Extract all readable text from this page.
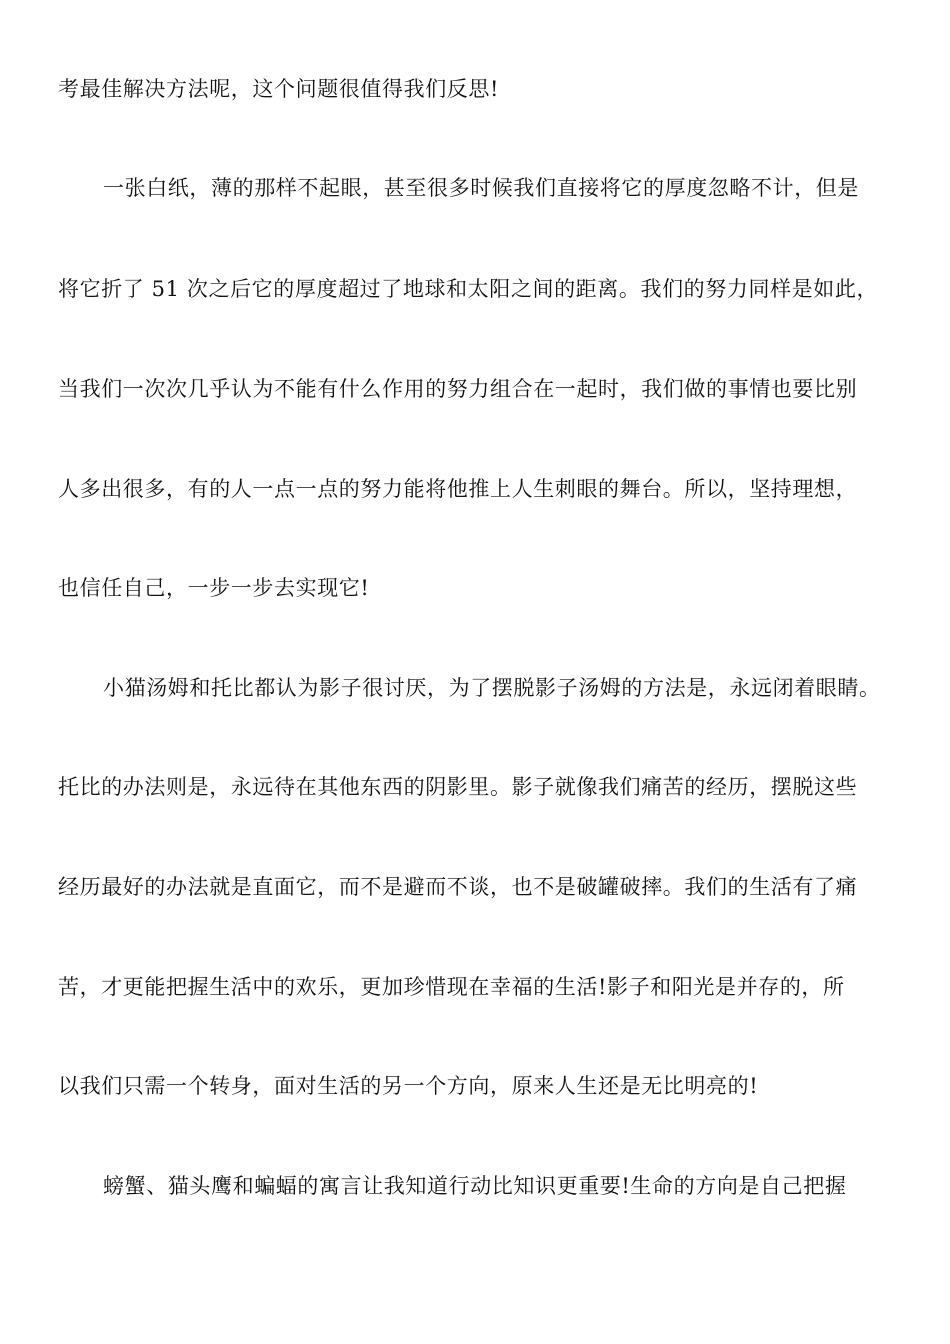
考最佳解决方法呢，这个问题很值得我们反思!
一张白纸，薄的那样不起眼，甚至很多时候我们直接将它的厚度忽略不计，但是
将它折了 51 次之后它的厚度超过了地球和太阳之间的距离。我们的努力同样是如此，
当我们一次次几乎认为不能有什么作用的努力组合在一起时，我们做的事情也要比别
人多出很多，有的人一点一点的努力能将他推上人生刺眼的舞台。所以，坚持理想，
也信任自己，一步一步去实现它!
小猫汤姆和托比都认为影子很讨厌，为了摆脱影子汤姆的方法是，永远闭着眼睛。
托比的办法则是，永远待在其他东西的阴影里。影子就像我们痛苦的经历，摆脱这些
经历最好的办法就是直面它，而不是避而不谈，也不是破罐破摔。我们的生活有了痛
苦，才更能把握生活中的欢乐，更加珍惜现在幸福的生活!影子和阳光是并存的，所
以我们只需一个转身，面对生活的另一个方向，原来人生还是无比明亮的!
螃蟹、猫头鹰和蝙蝠的寓言让我知道行动比知识更重要!生命的方向是自己把握
